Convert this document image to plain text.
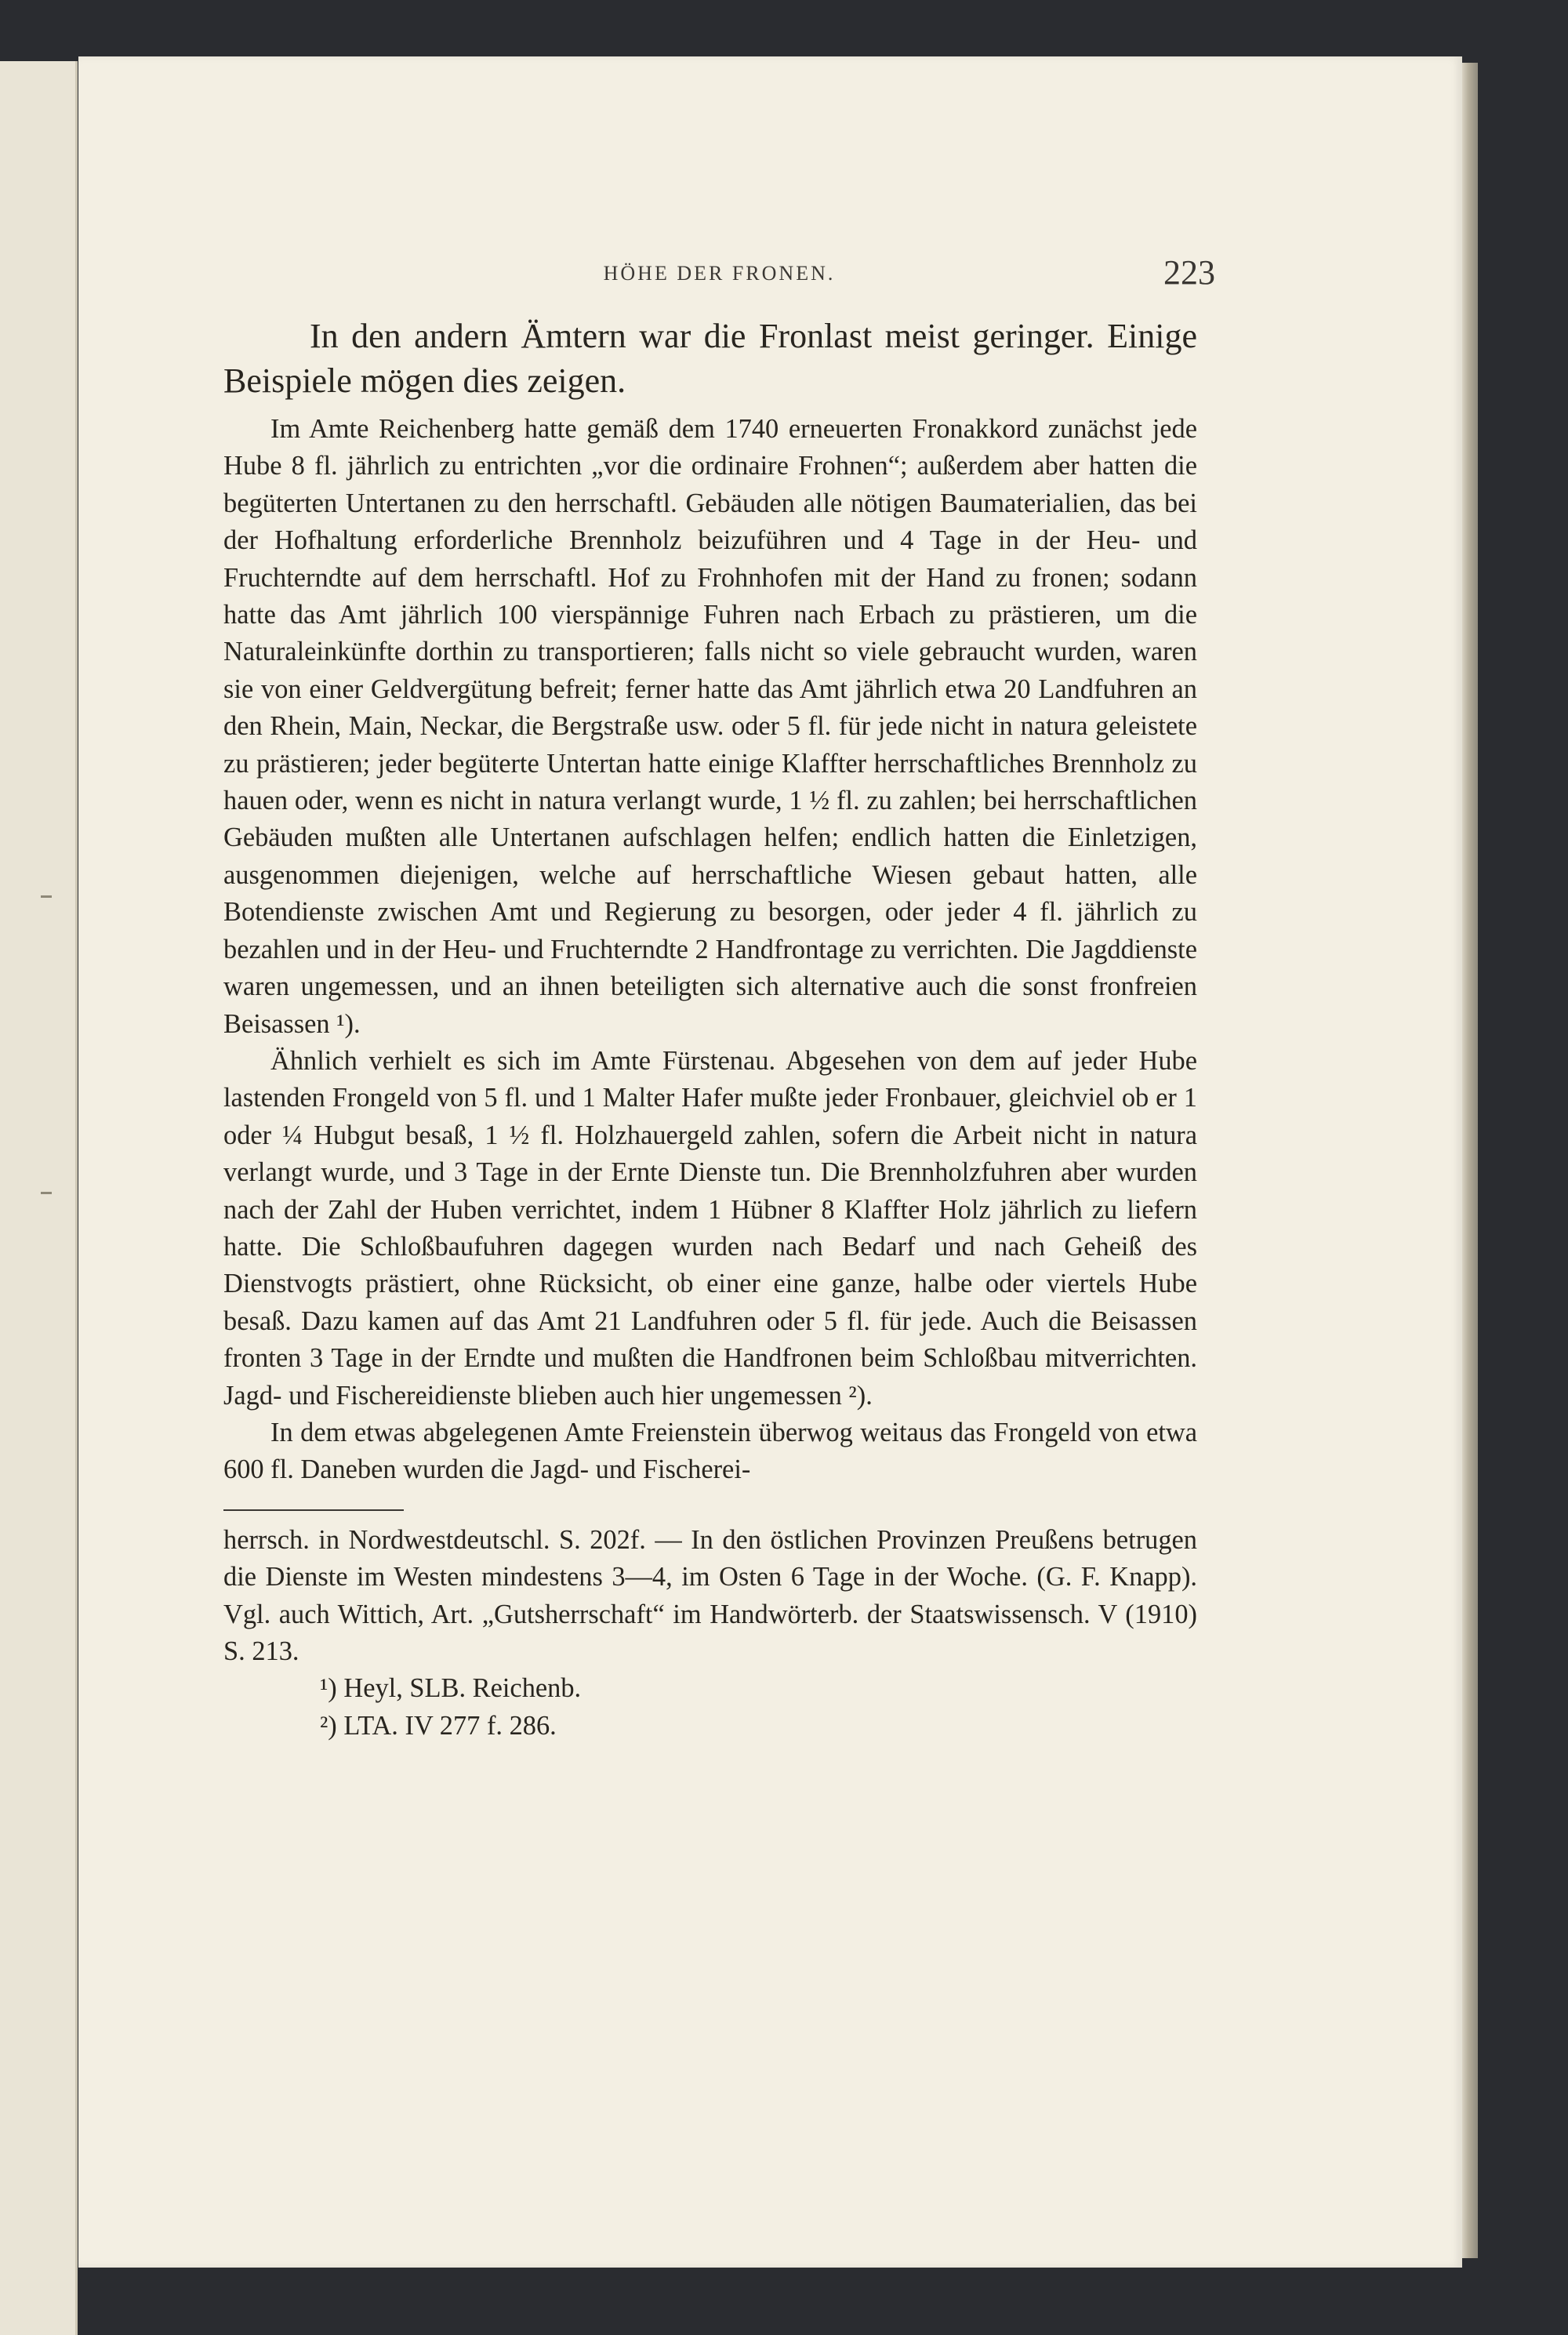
HÖHE DER FRONEN.	223

In den andern Ämtern war die Fronlast meist geringer. Einige Beispiele mögen dies zeigen.

Im Amte Reichenberg hatte gemäß dem 1740 erneuerten Fronakkord zunächst jede Hube 8 fl. jährlich zu entrichten „vor die ordinaire Frohnen“; außerdem aber hatten die begüterten Untertanen zu den herrschaftl. Gebäuden alle nötigen Baumaterialien, das bei der Hofhaltung erforderliche Brennholz beizuführen und 4 Tage in der Heu- und Fruchterndte auf dem herrschaftl. Hof zu Frohnhofen mit der Hand zu fronen; sodann hatte das Amt jährlich 100 vierspännige Fuhren nach Erbach zu prästieren, um die Naturaleinkünfte dorthin zu transportieren; falls nicht so viele gebraucht wurden, waren sie von einer Geldvergütung befreit; ferner hatte das Amt jährlich etwa 20 Landfuhren an den Rhein, Main, Neckar, die Bergstraße usw. oder 5 fl. für jede nicht in natura geleistete zu prästieren; jeder begüterte Untertan hatte einige Klaffter herrschaftliches Brennholz zu hauen oder, wenn es nicht in natura verlangt wurde, 1 ½ fl. zu zahlen; bei herrschaftlichen Gebäuden mußten alle Untertanen aufschlagen helfen; endlich hatten die Einletzigen, ausgenommen diejenigen, welche auf herrschaftliche Wiesen gebaut hatten, alle Botendienste zwischen Amt und Regierung zu besorgen, oder jeder 4 fl. jährlich zu bezahlen und in der Heu- und Fruchterndte 2 Handfrontage zu verrichten. Die Jagddienste waren ungemessen, und an ihnen beteiligten sich alternative auch die sonst fronfreien Beisassen ¹).

Ähnlich verhielt es sich im Amte Fürstenau. Abgesehen von dem auf jeder Hube lastenden Frongeld von 5 fl. und 1 Malter Hafer mußte jeder Fronbauer, gleichviel ob er 1 oder ¼ Hubgut besaß, 1 ½ fl. Holzhauergeld zahlen, sofern die Arbeit nicht in natura verlangt wurde, und 3 Tage in der Ernte Dienste tun. Die Brennholzfuhren aber wurden nach der Zahl der Huben verrichtet, indem 1 Hübner 8 Klaffter Holz jährlich zu liefern hatte. Die Schloßbaufuhren dagegen wurden nach Bedarf und nach Geheiß des Dienstvogts prästiert, ohne Rücksicht, ob einer eine ganze, halbe oder viertels Hube besaß. Dazu kamen auf das Amt 21 Landfuhren oder 5 fl. für jede. Auch die Beisassen fronten 3 Tage in der Erndte und mußten die Handfronen beim Schloßbau mitverrichten. Jagd- und Fischereidienste blieben auch hier ungemessen ²).

In dem etwas abgelegenen Amte Freienstein überwog weitaus das Frongeld von etwa 600 fl. Daneben wurden die Jagd- und Fischerei-

herrsch. in Nordwestdeutschl. S. 202f. — In den östlichen Provinzen Preußens betrugen die Dienste im Westen mindestens 3—4, im Osten 6 Tage in der Woche. (G. F. Knapp). Vgl. auch Wittich, Art. „Gutsherrschaft“ im Handwörterb. der Staatswissensch. V (1910) S. 213.

¹) Heyl, SLB. Reichenb.

²) LTA. IV 277 f. 286.
